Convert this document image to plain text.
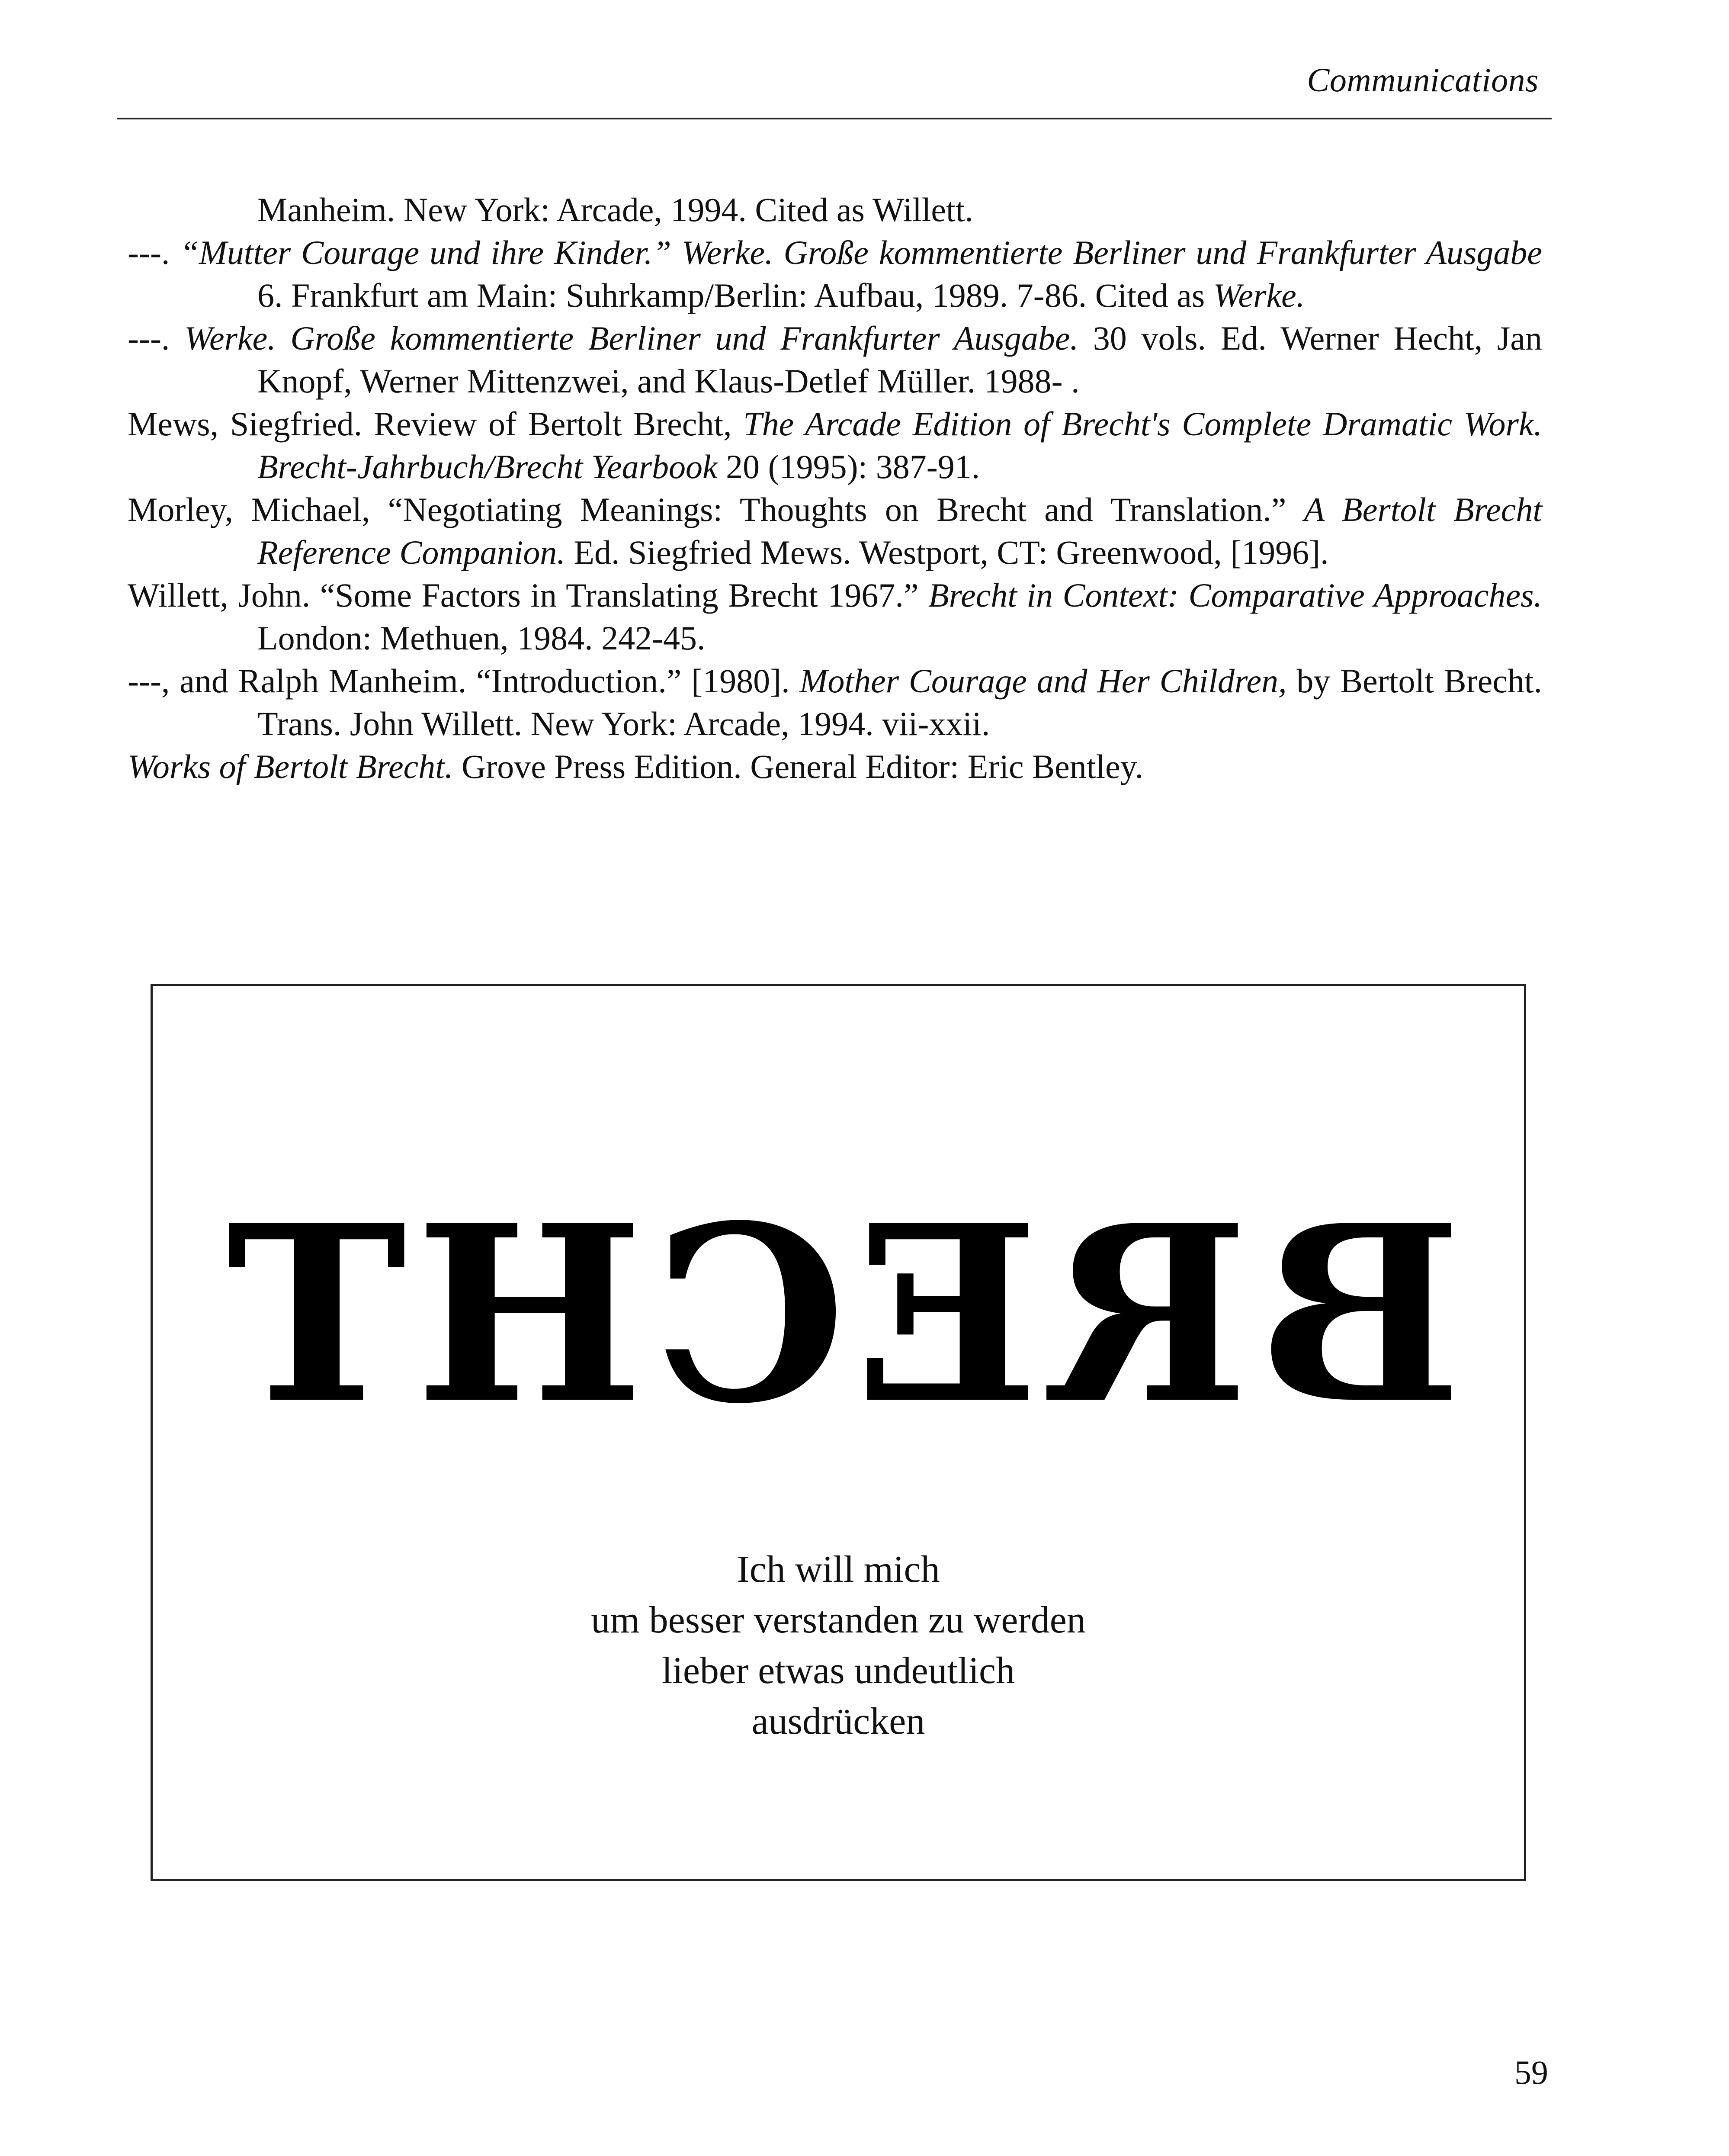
Communications

Manheim. New York: Arcade, 1994. Cited as Willett.

---. “Mutter Courage und ihre Kinder.” Werke. Große kommentierte Berliner und Frankfurter Ausgabe 6. Frankfurt am Main: Suhrkamp/Berlin: Aufbau, 1989. 7-86. Cited as Werke.

---. Werke. Große kommentierte Berliner und Frankfurter Ausgabe. 30 vols. Ed. Werner Hecht, Jan Knopf, Werner Mittenzwei, and Klaus-Detlef Müller. 1988- .

Mews, Siegfried. Review of Bertolt Brecht, The Arcade Edition of Brecht's Complete Dramatic Work. Brecht-Jahrbuch/Brecht Yearbook 20 (1995): 387-91.

Morley, Michael, “Negotiating Meanings: Thoughts on Brecht and Translation.” A Bertolt Brecht Reference Companion. Ed. Siegfried Mews. Westport, CT: Greenwood, [1996].

Willett, John. “Some Factors in Translating Brecht 1967.” Brecht in Context: Comparative Approaches. London: Methuen, 1984. 242-45.

---, and Ralph Manheim. “Introduction.” [1980]. Mother Courage and Her Children, by Bertolt Brecht. Trans. John Willett. New York: Arcade, 1994. vii-xxii.

Works of Bertolt Brecht. Grove Press Edition. General Editor: Eric Bentley.

BRECHT
Ich will mich
um besser verstanden zu werden
lieber etwas undeutlich
ausdrücken
59
